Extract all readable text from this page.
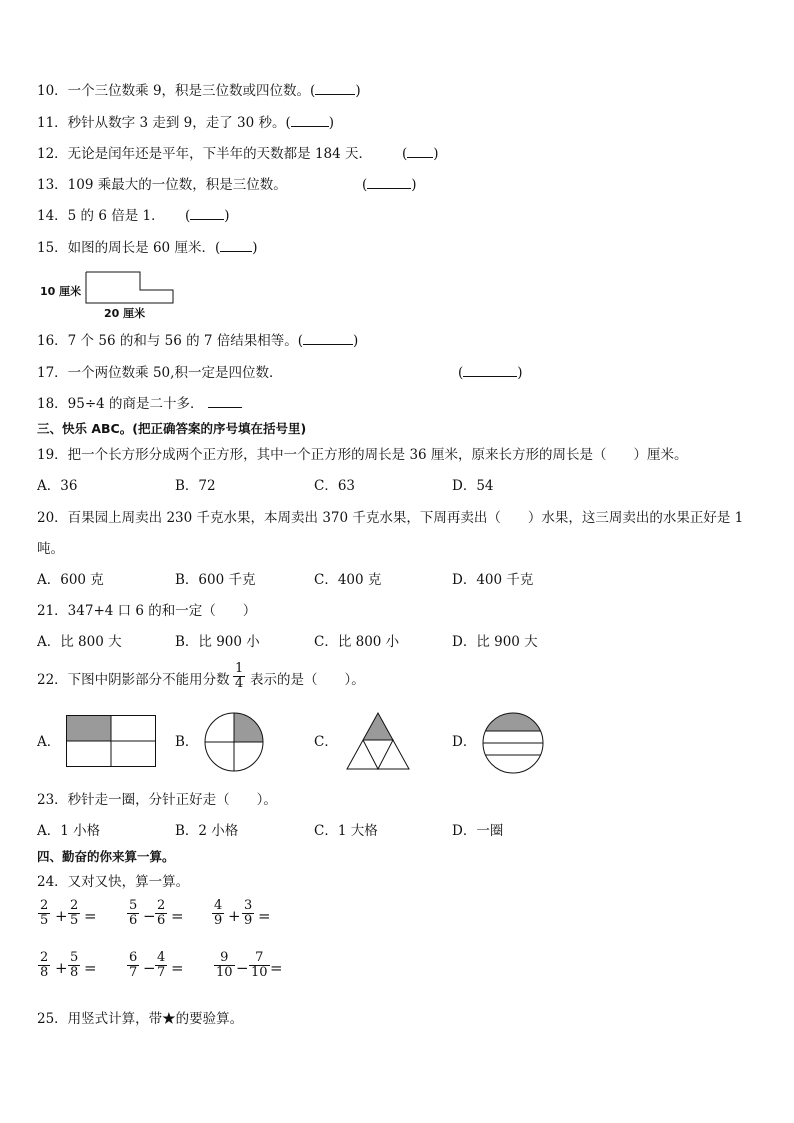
10．一个三位数乘 9，积是三位数或四位数。(	)
11．秒针从数字 3 走到 9，走了 30 秒。(	)
12．无论是闰年还是平年，下半年的天数都是 184 天． ( )
13．109 乘最大的一位数，积是三位数。	(	)
14．5 的 6 倍是 1． (	)
15．如图的周长是 60 厘米．( )
10 厘米
20 厘米
16．7 个 56 的和与 56 的 7 倍结果相等。(	)
17．一个两位数乘 50,积一定是四位数．	(	)
18．95÷4 的商是二十多．
三、快乐 ABC。(把正确答案的序号填在括号里)
19．把一个长方形分成两个正方形，其中一个正方形的周长是 36 厘米，原来长方形的周长是（　　）厘米。
A．36	B．72	C．63	D．54
20．百果园上周卖出 230 千克水果，本周卖出 370 千克水果，下周再卖出（　　）水果，这三周卖出的水果正好是 1
吨。
A．600 克	B．600 千克	C．400 克	D．400 千克
21．347+4 口 6 的和一定（　　）
A．比 800 大	B．比 900 小	C．比 800 小	D．比 900 大
22．下图中阴影部分不能用分数
1
4 表示的是（　　）。
A．	B．	C．	D．
23．秒针走一圈，分针正好走（　　）。
A．1 小格	B．2 小格	C．1 大格	D．一圈
四、勤奋的你来算一算。
24．又对又快，算一算。
2
5 +
2
5 =
5
6 −
2
6 =
4
9 +
3
9 =
2
8 +
5
8 =
6
7 −
4
7 =
9
10 −
7
10 =
25．用竖式计算，带★的要验算。
